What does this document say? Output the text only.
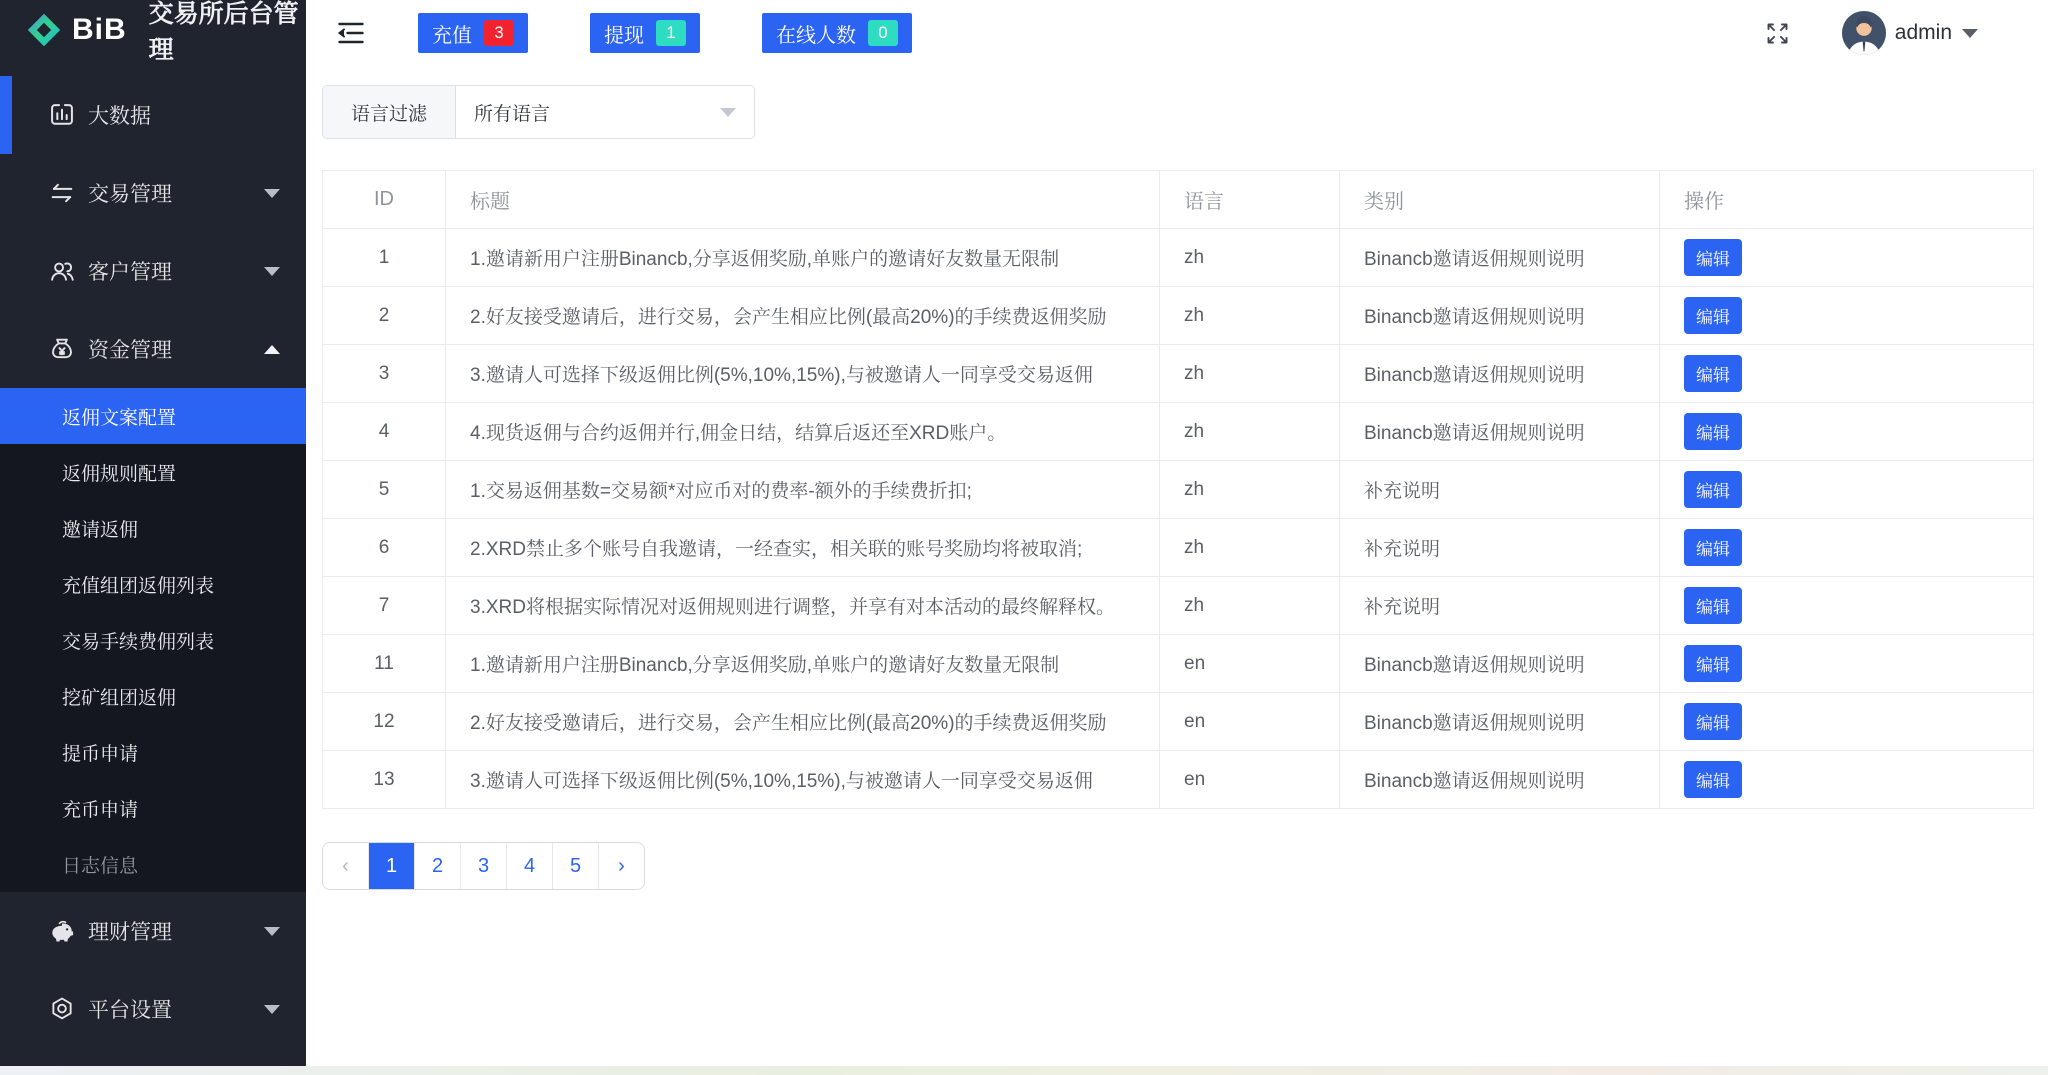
BiB 交易所后台管理
大数据
交易管理
客户管理
资金管理
返佣文案配置
返佣规则配置
邀请返佣
充值组团返佣列表
交易手续费佣列表
挖矿组团返佣
提币申请
充币申请
日志信息
理财管理
平台设置
充值	3	提现	1	在线人数	0	admin
语言过滤	所有语言
ID	标题	语言	类别	操作
1	1.邀请新用户注册Binancb,分享返佣奖励,单账户的邀请好友数量无限制	zh	Binancb邀请返佣规则说明	编辑
2	2.好友接受邀请后，进行交易，会产生相应比例(最高20%)的手续费返佣奖励	zh	Binancb邀请返佣规则说明	编辑
3	3.邀请人可选择下级返佣比例(5%,10%,15%),与被邀请人一同享受交易返佣	zh	Binancb邀请返佣规则说明	编辑
4	4.现货返佣与合约返佣并行,佣金日结，结算后返还至XRD账户。	zh	Binancb邀请返佣规则说明	编辑
5	1.交易返佣基数=交易额*对应币对的费率-额外的手续费折扣;	zh	补充说明	编辑
6	2.XRD禁止多个账号自我邀请，一经查实，相关联的账号奖励均将被取消;	zh	补充说明	编辑
7	3.XRD将根据实际情况对返佣规则进行调整，并享有对本活动的最终解释权。	zh	补充说明	编辑
11	1.邀请新用户注册Binancb,分享返佣奖励,单账户的邀请好友数量无限制	en	Binancb邀请返佣规则说明	编辑
12	2.好友接受邀请后，进行交易，会产生相应比例(最高20%)的手续费返佣奖励	en	Binancb邀请返佣规则说明	编辑
13	3.邀请人可选择下级返佣比例(5%,10%,15%),与被邀请人一同享受交易返佣	en	Binancb邀请返佣规则说明	编辑
‹	1	2	3	4	5	›
